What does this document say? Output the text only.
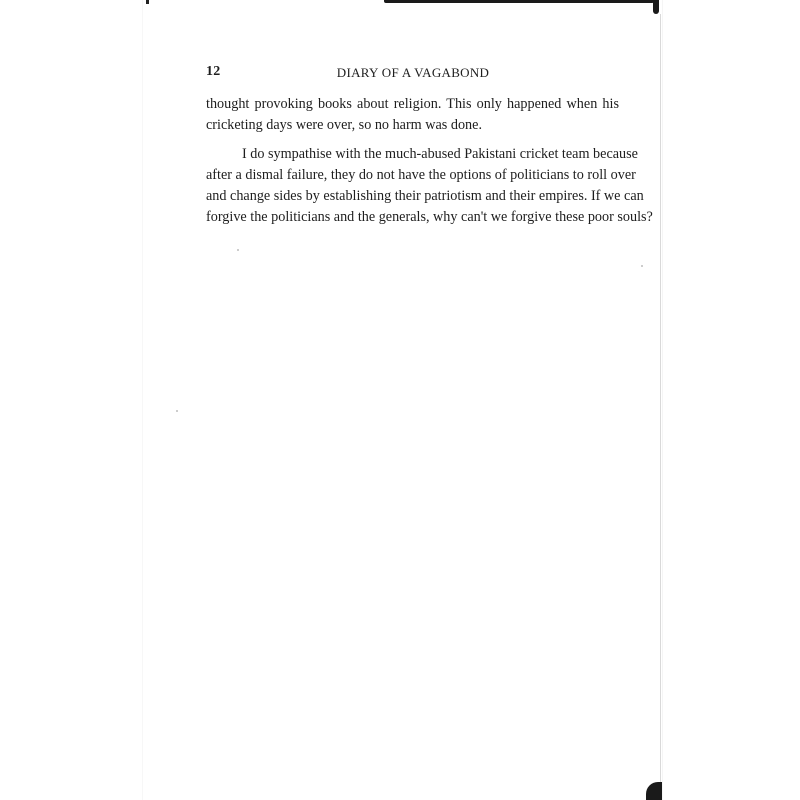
12	DIARY OF A VAGABOND

thought provoking books about religion. This only happened when his
cricketing days were over, so no harm was done.

I do sympathise with the much-abused Pakistani cricket team because
after a dismal failure, they do not have the options of politicians to roll over
and change sides by establishing their patriotism and their empires. If we can
forgive the politicians and the generals, why can't we forgive these poor souls?
